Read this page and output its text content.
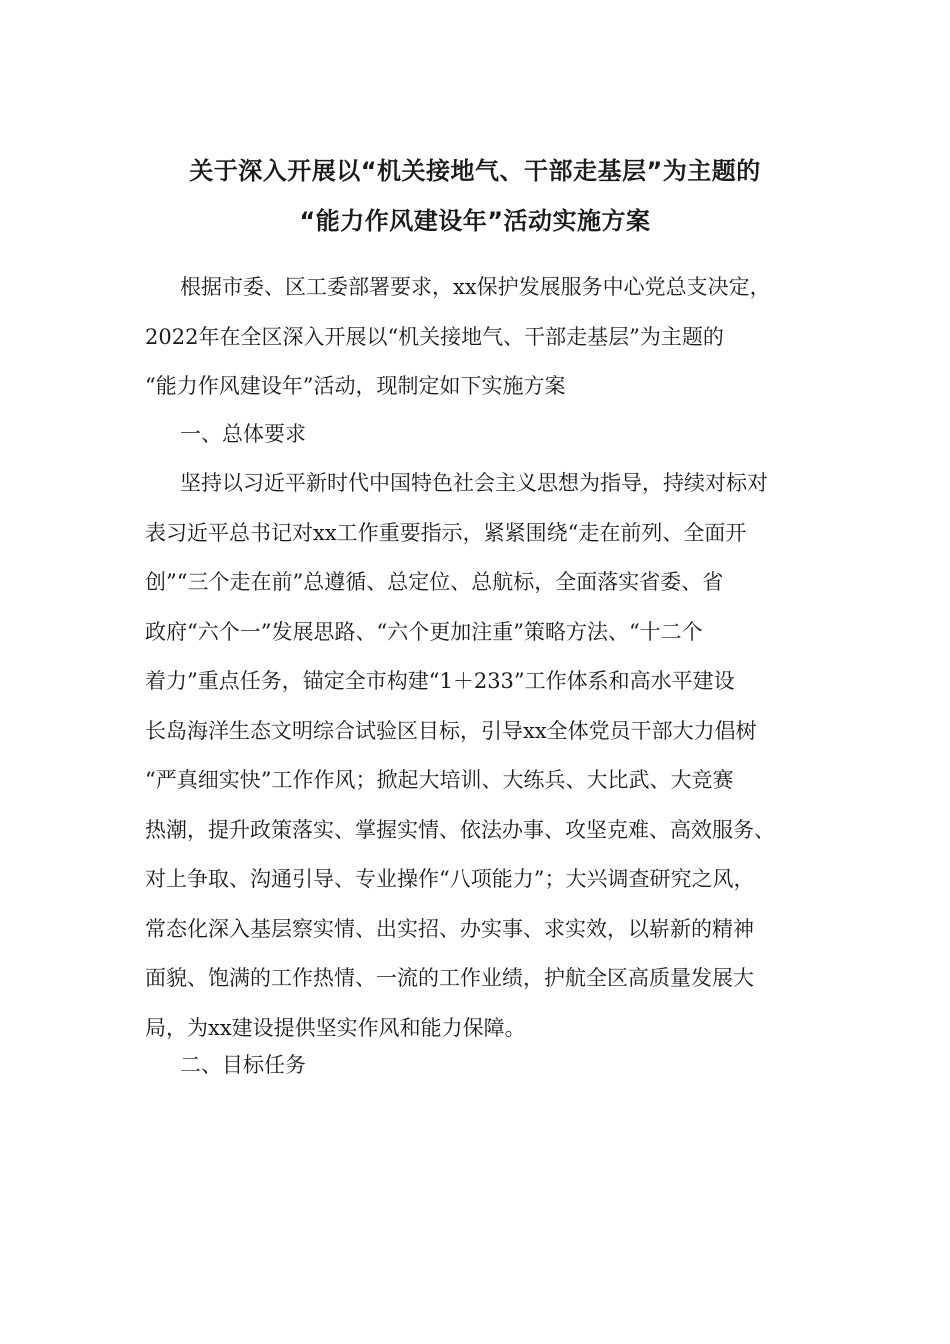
关于深入开展以“机关接地气、干部走基层”为主题的
“能力作风建设年”活动实施方案
根据市委、区工委部署要求，xx保护发展服务中心党总支决定，
2022年在全区深入开展以“机关接地气、干部走基层”为主题的
“能力作风建设年”活动，现制定如下实施方案
一、总体要求
坚持以习近平新时代中国特色社会主义思想为指导，持续对标对
表习近平总书记对xx工作重要指示，紧紧围绕“走在前列、全面开
创”“三个走在前”总遵循、总定位、总航标，全面落实省委、省
政府“六个一”发展思路、“六个更加注重”策略方法、“十二个
着力”重点任务，锚定全市构建“1＋233”工作体系和高水平建设
长岛海洋生态文明综合试验区目标，引导xx全体党员干部大力倡树
“严真细实快”工作作风；掀起大培训、大练兵、大比武、大竞赛
热潮，提升政策落实、掌握实情、依法办事、攻坚克难、高效服务、
对上争取、沟通引导、专业操作“八项能力”；大兴调查研究之风，
常态化深入基层察实情、出实招、办实事、求实效，以崭新的精神
面貌、饱满的工作热情、一流的工作业绩，护航全区高质量发展大
局，为xx建设提供坚实作风和能力保障。
二、目标任务
